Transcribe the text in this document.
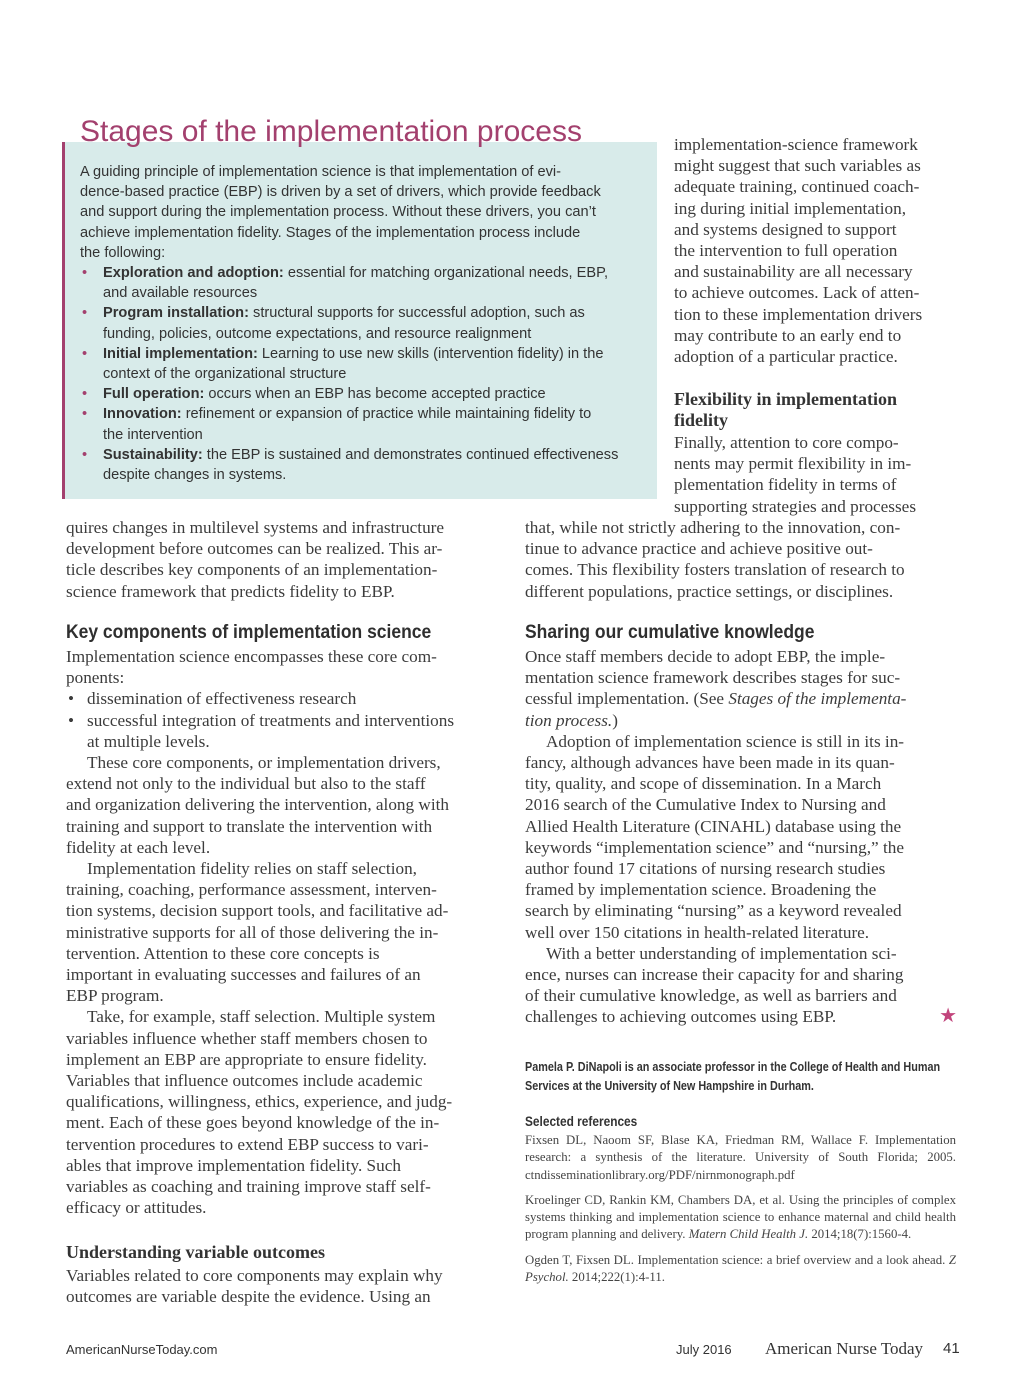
Stages of the implementation process

A guiding principle of implementation science is that implementation of evi-
dence-based practice (EBP) is driven by a set of drivers, which provide feedback
and support during the implementation process. Without these drivers, you can’t
achieve implementation fidelity. Stages of the implementation process include
the following:

• Exploration and adoption: essential for matching organizational needs, EBP,
and available resources
• Program installation: structural supports for successful adoption, such as
funding, policies, outcome expectations, and resource realignment
• Initial implementation: Learning to use new skills (intervention fidelity) in the
context of the organizational structure
• Full operation: occurs when an EBP has become accepted practice
• Innovation: refinement or expansion of practice while maintaining fidelity to
the intervention
• Sustainability: the EBP is sustained and demonstrates continued effectiveness
despite changes in systems.

implementation-science framework
might suggest that such variables as
adequate training, continued coach-
ing during initial implementation,
and systems designed to support
the intervention to full operation
and sustainability are all necessary
to achieve outcomes. Lack of atten-
tion to these implementation drivers
may contribute to an early end to
adoption of a particular practice.

Flexibility in implementation
fidelity

Finally, attention to core compo-
nents may permit flexibility in im-
plementation fidelity in terms of
supporting strategies and processes

that, while not strictly adhering to the innovation, con-
tinue to advance practice and achieve positive out-
comes. This flexibility fosters translation of research to
different populations, practice settings, or disciplines.

quires changes in multilevel systems and infrastructure
development before outcomes can be realized. This ar-
ticle describes key components of an implementation-
science framework that predicts fidelity to EBP.

Key components of implementation science

Implementation science encompasses these core com-
ponents:

• dissemination of effectiveness research
• successful integration of treatments and interventions
at multiple levels.

These core components, or implementation drivers,
extend not only to the individual but also to the staff
and organization delivering the intervention, along with
training and support to translate the intervention with
fidelity at each level.

Implementation fidelity relies on staff selection,
training, coaching, performance assessment, interven-
tion systems, decision support tools, and facilitative ad-
ministrative supports for all of those delivering the in-
tervention. Attention to these core concepts is
important in evaluating successes and failures of an
EBP program.

Take, for example, staff selection. Multiple system
variables influence whether staff members chosen to
implement an EBP are appropriate to ensure fidelity.
Variables that influence outcomes include academic
qualifications, willingness, ethics, experience, and judg-
ment. Each of these goes beyond knowledge of the in-
tervention procedures to extend EBP success to vari-
ables that improve implementation fidelity. Such
variables as coaching and training improve staff self-
efficacy or attitudes.

Understanding variable outcomes

Variables related to core components may explain why
outcomes are variable despite the evidence. Using an

Sharing our cumulative knowledge

Once staff members decide to adopt EBP, the imple-
mentation science framework describes stages for suc-
cessful implementation. (See Stages of the implementa-
tion process.)

Adoption of implementation science is still in its in-
fancy, although advances have been made in its quan-
tity, quality, and scope of dissemination. In a March
2016 search of the Cumulative Index to Nursing and
Allied Health Literature (CINAHL) database using the
keywords “implementation science” and “nursing,” the
author found 17 citations of nursing research studies
framed by implementation science. Broadening the
search by eliminating “nursing” as a keyword revealed
well over 150 citations in health-related literature.

With a better understanding of implementation sci-
ence, nurses can increase their capacity for and sharing
of their cumulative knowledge, as well as barriers and

★
challenges to achieving outcomes using EBP.

Pamela P. DiNapoli is an associate professor in the College of Health and Human
Services at the University of New Hampshire in Durham.
Selected references

Fixsen DL, Naoom SF, Blase KA, Friedman RM, Wallace F. Implementation research: a synthesis of the literature. University of South Florida; 2005. ctndisseminationlibrary.org/PDF/nirnmonograph.pdf

Kroelinger CD, Rankin KM, Chambers DA, et al. Using the principles of complex systems thinking and implementation science to enhance maternal and child health program planning and delivery. Matern Child Health J. 2014;18(7):1560-4.

Ogden T, Fixsen DL. Implementation science: a brief overview and a look ahead. Z Psychol. 2014;222(1):4-11.

AmericanNurseToday.com	July 2016 American Nurse Today 41
